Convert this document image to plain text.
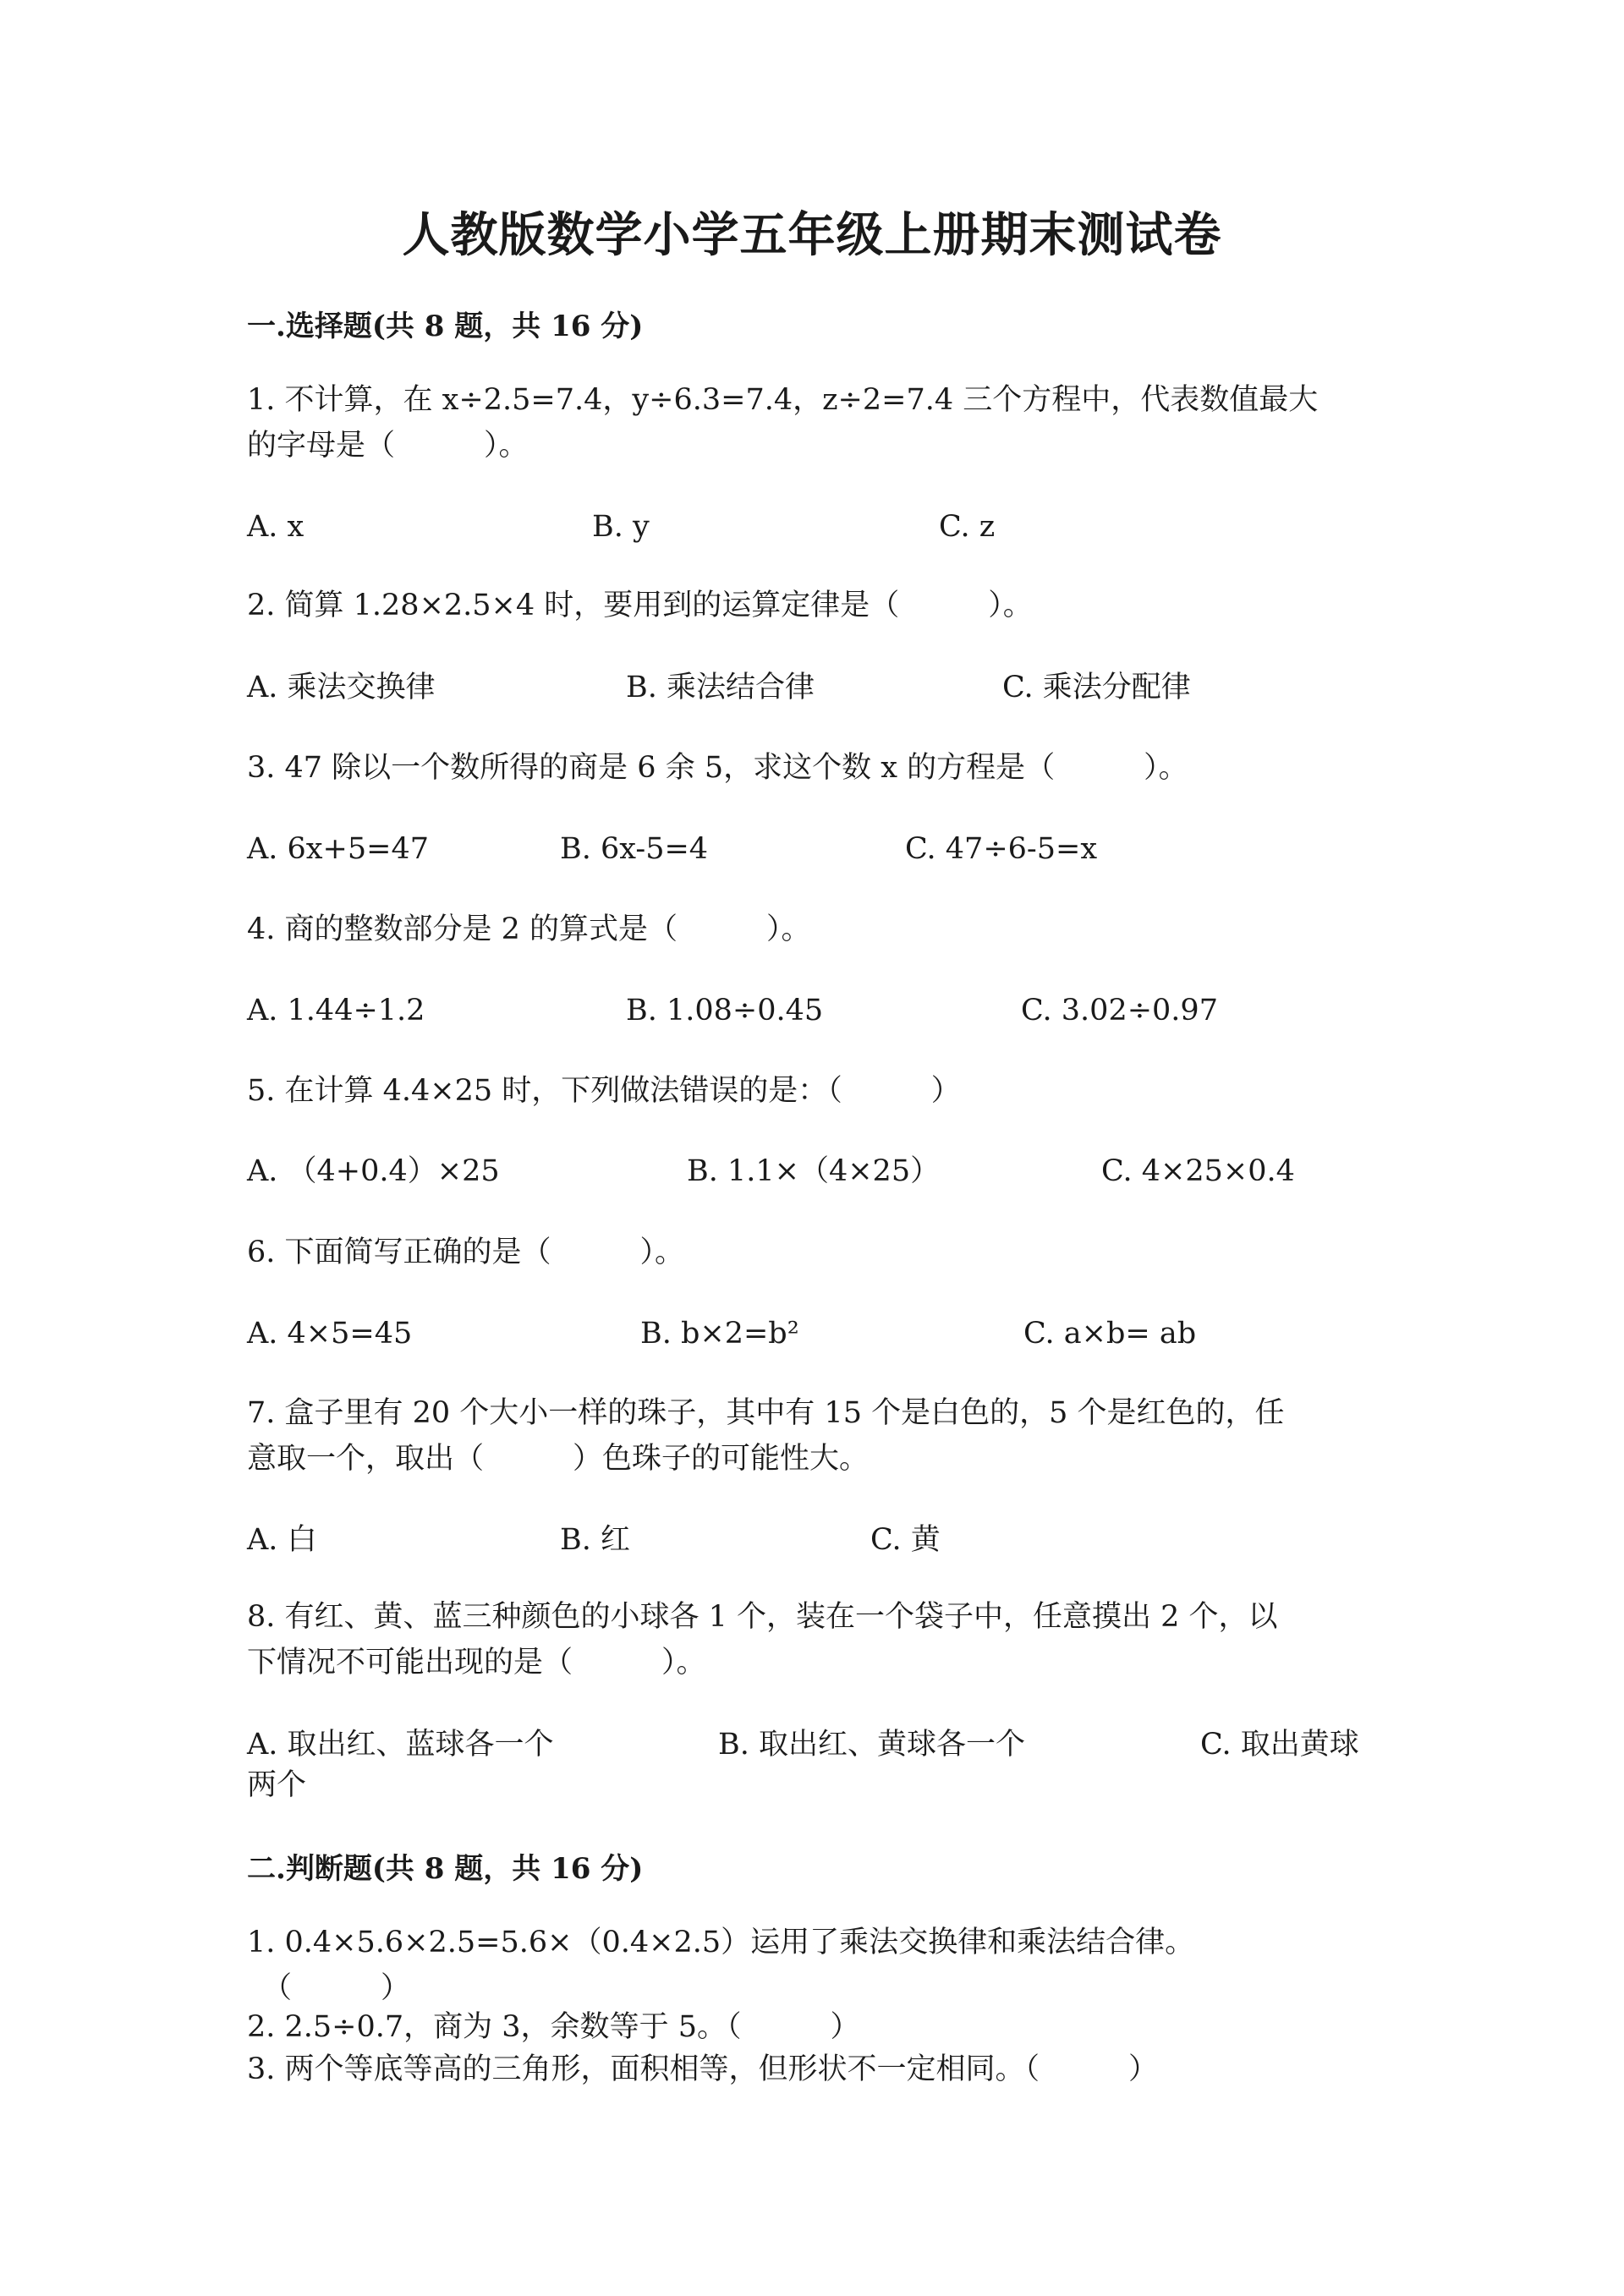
人教版数学小学五年级上册期末测试卷
一.选择题(共 8 题，共 16 分)
1. 不计算，在 x÷2.5=7.4，y÷6.3=7.4，z÷2=7.4 三个方程中，代表数值最大
的字母是（　　　）。
A. x	B. y	C. z
2. 简算 1.28×2.5×4 时，要用到的运算定律是（　　　）。
A. 乘法交换律	B. 乘法结合律	C. 乘法分配律
3. 47 除以一个数所得的商是 6 余 5，求这个数 x 的方程是（　　　）。
A. 6x+5=47	B. 6x-5=4	C. 47÷6-5=x
4. 商的整数部分是 2 的算式是（　　　）。
A. 1.44÷1.2	B. 1.08÷0.45	C. 3.02÷0.97
5. 在计算 4.4×25 时，下列做法错误的是：（　　　）
A. （4+0.4）×25	B. 1.1×（4×25）	C. 4×25×0.4
6. 下面简写正确的是（　　　）。
A. 4×5=45	B. b×2=b²	C. a×b= ab
7. 盒子里有 20 个大小一样的珠子，其中有 15 个是白色的，5 个是红色的，任
意取一个，取出（　　　）色珠子的可能性大。
A. 白	B. 红	C. 黄
8. 有红、黄、蓝三种颜色的小球各 1 个，装在一个袋子中，任意摸出 2 个，以
下情况不可能出现的是（　　　）。
A. 取出红、蓝球各一个	B. 取出红、黄球各一个	C. 取出黄球
两个
二.判断题(共 8 题，共 16 分)
1. 0.4×5.6×2.5=5.6×（0.4×2.5）运用了乘法交换律和乘法结合律。
（　　　）
2. 2.5÷0.7，商为 3，余数等于 5。（　　　）
3. 两个等底等高的三角形，面积相等，但形状不一定相同。（　　　）
